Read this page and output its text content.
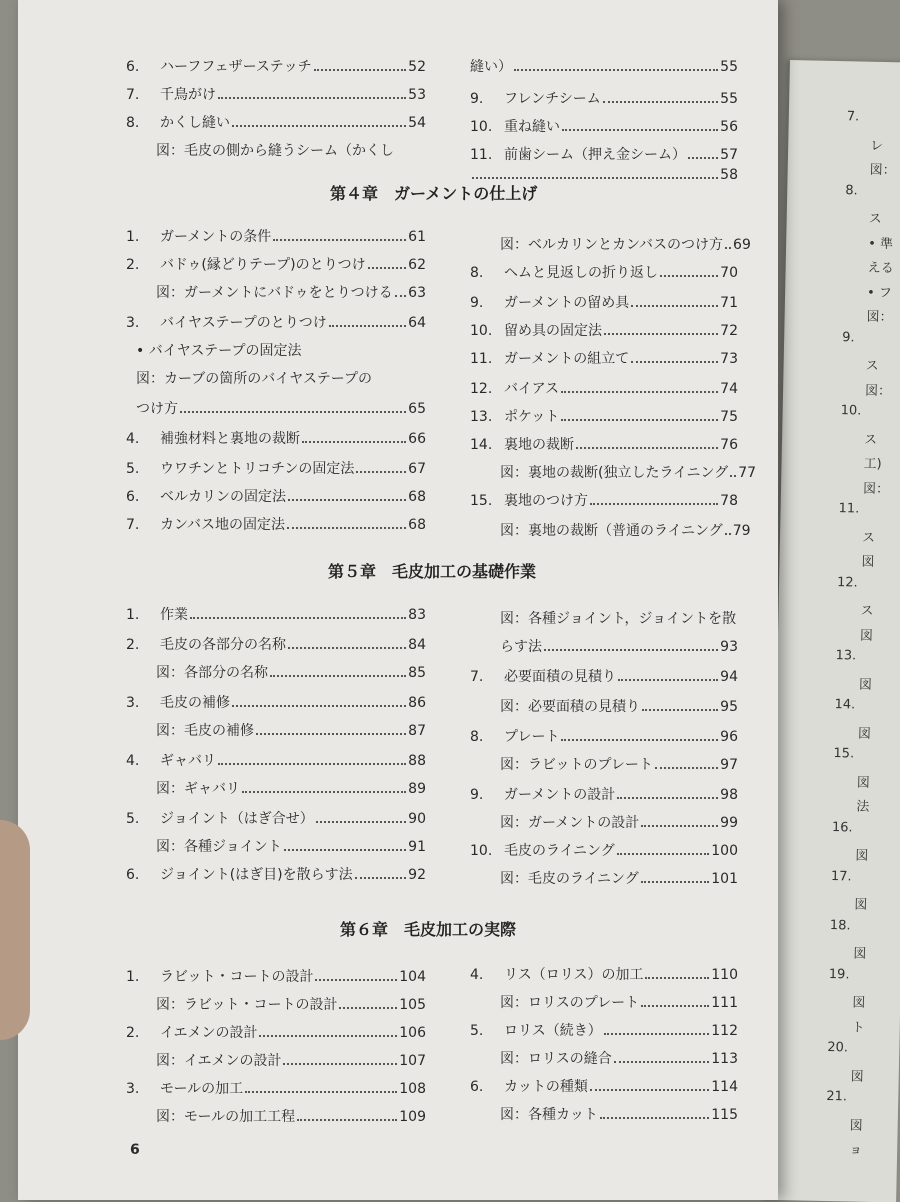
7.
レ
図：
8.
ス
• 準
える
• フ
図：
9.
ス
図：
10.
ス
工)
図：
11.
ス
図
12.
ス
図
13.
図
14.
図
15.
図
法
16.
図
17.
図
18.
図
19.
図
ト
20.
図
21.
図
ョ
第４章　ガーメントの仕上げ
第５章　毛皮加工の基礎作業
第６章　毛皮加工の実際
6
6.	ハーフフェザーステッチ	52
7.	千鳥がけ	53
8.	かくし縫い	54
図：毛皮の側から縫うシーム（かくし
縫い）	55
9.	フレンチシーム	55
10. 重ね縫い	56
11. 前歯シーム（押え金シーム） 57
58
1.	ガーメントの条件	61
2.	バドゥ(縁どりテープ)のとりつけ	62
図：ガーメントにバドゥをとりつける 63
3.	バイヤステープのとりつけ	64
• バイヤステープの固定法
図：カーブの箇所のバイヤステープの
つけ方	65
4.	補強材料と裏地の裁断	66
5.	ウワチンとトリコチンの固定法	67
6.	ベルカリンの固定法	68
7.	カンバス地の固定法	68
図：ベルカリンとカンバスのつけ方 69
8.	ヘムと見返しの折り返し	70
9.	ガーメントの留め具	71
10. 留め具の固定法	72
11. ガーメントの組立て	73
12. バイアス	74
13. ポケット	75
14. 裏地の裁断	76
図：裏地の裁断(独立したライニング 77
15. 裏地のつけ方	78
図：裏地の裁断（普通のライニング 79
1.	作業	83
2.	毛皮の各部分の名称	84
図：各部分の名称	85
3.	毛皮の補修	86
図：毛皮の補修	87
4.	ギャバリ	88
図：ギャバリ	89
5.	ジョイント（はぎ合せ）	90
図：各種ジョイント	91
6.	ジョイント(はぎ目)を散らす法	92
図：各種ジョイント，ジョイントを散
らす法	93
7.	必要面積の見積り	94
図：必要面積の見積り	95
8.	プレート	96
図：ラビットのプレート	97
9.	ガーメントの設計	98
図：ガーメントの設計	99
10. 毛皮のライニング	100
図：毛皮のライニング	101
1.	ラビット・コートの設計	104
図：ラビット・コートの設計	105
2.	イエメンの設計	106
図：イエメンの設計	107
3.	モールの加工	108
図：モールの加工工程	109
4.	リス（ロリス）の加工	110
図：ロリスのプレート	111
5.	ロリス（続き）	112
図：ロリスの縫合	113
6.	カットの種類	114
図：各種カット	115
